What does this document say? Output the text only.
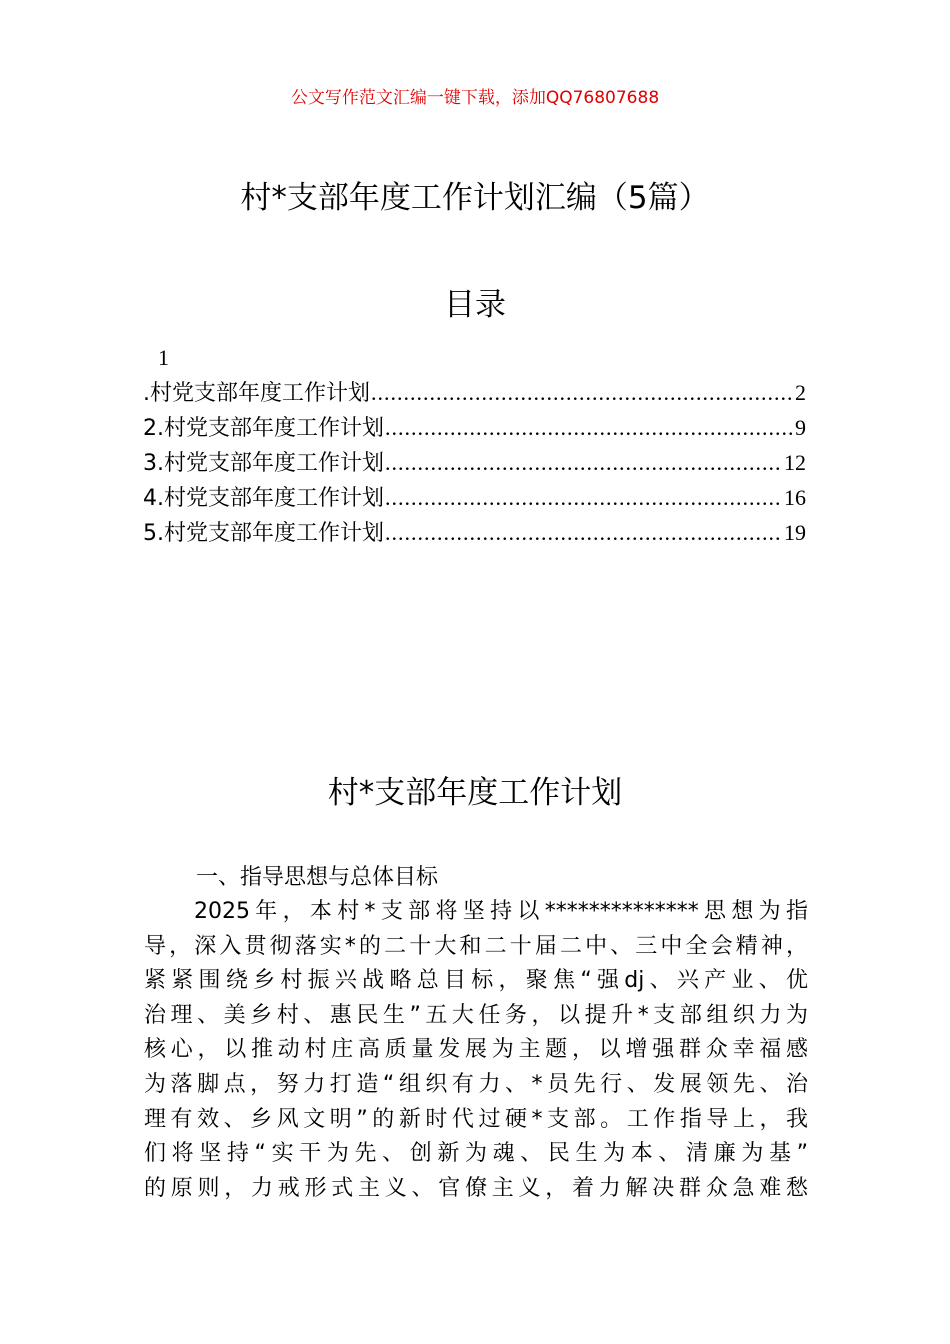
公文写作范文汇编一键下载，添加QQ76807688
村*支部年度工作计划汇编（5篇）
目录
1
.村党支部年度工作计划 .....	2
2.村党支部年度工作计划 .....	9
3.村党支部年度工作计划 .....	12
4.村党支部年度工作计划 .....	16
5.村党支部年度工作计划 .....	19
村*支部年度工作计划
一、指导思想与总体目标
2025年，本村*支部将坚持以**************思想为指
导，深入贯彻落实*的二十大和二十届二中、三中全会精神，
紧紧围绕乡村振兴战略总目标，聚焦“强dj、兴产业、优
治理、美乡村、惠民生”五大任务，以提升*支部组织力为
核心，以推动村庄高质量发展为主题，以增强群众幸福感
为落脚点，努力打造“组织有力、*员先行、发展领先、治
理有效、乡风文明”的新时代过硬*支部。工作指导上，我
们将坚持“实干为先、创新为魂、民生为本、清廉为基”
的原则，力戒形式主义、官僚主义，着力解决群众急难愁
